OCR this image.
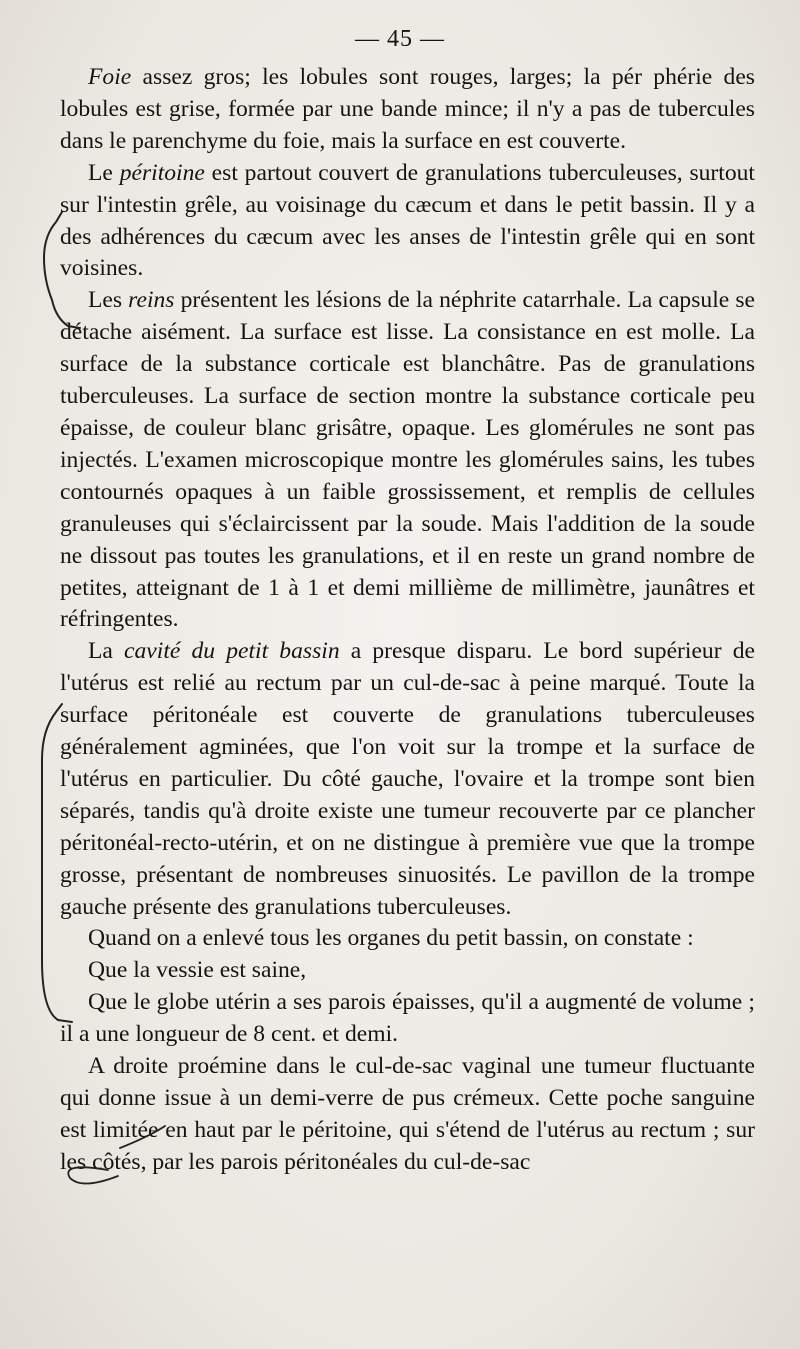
— 45 —

Foie assez gros; les lobules sont rouges, larges; la pér phérie des lobules est grise, formée par une bande mince; il n'y a pas de tubercules dans le parenchyme du foie, mais la surface en est couverte.

Le péritoine est partout couvert de granulations tuberculeuses, surtout sur l'intestin grêle, au voisinage du cæcum et dans le petit bassin. Il y a des adhérences du cæcum avec les anses de l'intestin grêle qui en sont voisines.

Les reins présentent les lésions de la néphrite catarrhale. La capsule se détache aisément. La surface est lisse. La consistance en est molle. La surface de la substance corticale est blanchâtre. Pas de granulations tuberculeuses. La surface de section montre la substance corticale peu épaisse, de couleur blanc grisâtre, opaque. Les glomérules ne sont pas injectés. L'examen microscopique montre les glomérules sains, les tubes contournés opaques à un faible grossissement, et remplis de cellules granuleuses qui s'éclaircissent par la soude. Mais l'addition de la soude ne dissout pas toutes les granulations, et il en reste un grand nombre de petites, atteignant de 1 à 1 et demi millième de millimètre, jaunâtres et réfringentes.

La cavité du petit bassin a presque disparu. Le bord supérieur de l'utérus est relié au rectum par un cul-de-sac à peine marqué. Toute la surface péritonéale est couverte de granulations tuberculeuses généralement agminées, que l'on voit sur la trompe et la surface de l'utérus en particulier. Du côté gauche, l'ovaire et la trompe sont bien séparés, tandis qu'à droite existe une tumeur recouverte par ce plancher péritonéal-recto-utérin, et on ne distingue à première vue que la trompe grosse, présentant de nombreuses sinuosités. Le pavillon de la trompe gauche présente des granulations tuberculeuses.

Quand on a enlevé tous les organes du petit bassin, on constate :

Que la vessie est saine,

Que le globe utérin a ses parois épaisses, qu'il a augmenté de volume ; il a une longueur de 8 cent. et demi.

A droite proémine dans le cul-de-sac vaginal une tumeur fluctuante qui donne issue à un demi-verre de pus crémeux. Cette poche sanguine est limitée en haut par le péritoine, qui s'étend de l'utérus au rectum ; sur les côtés, par les parois péritonéales du cul-de-sac
